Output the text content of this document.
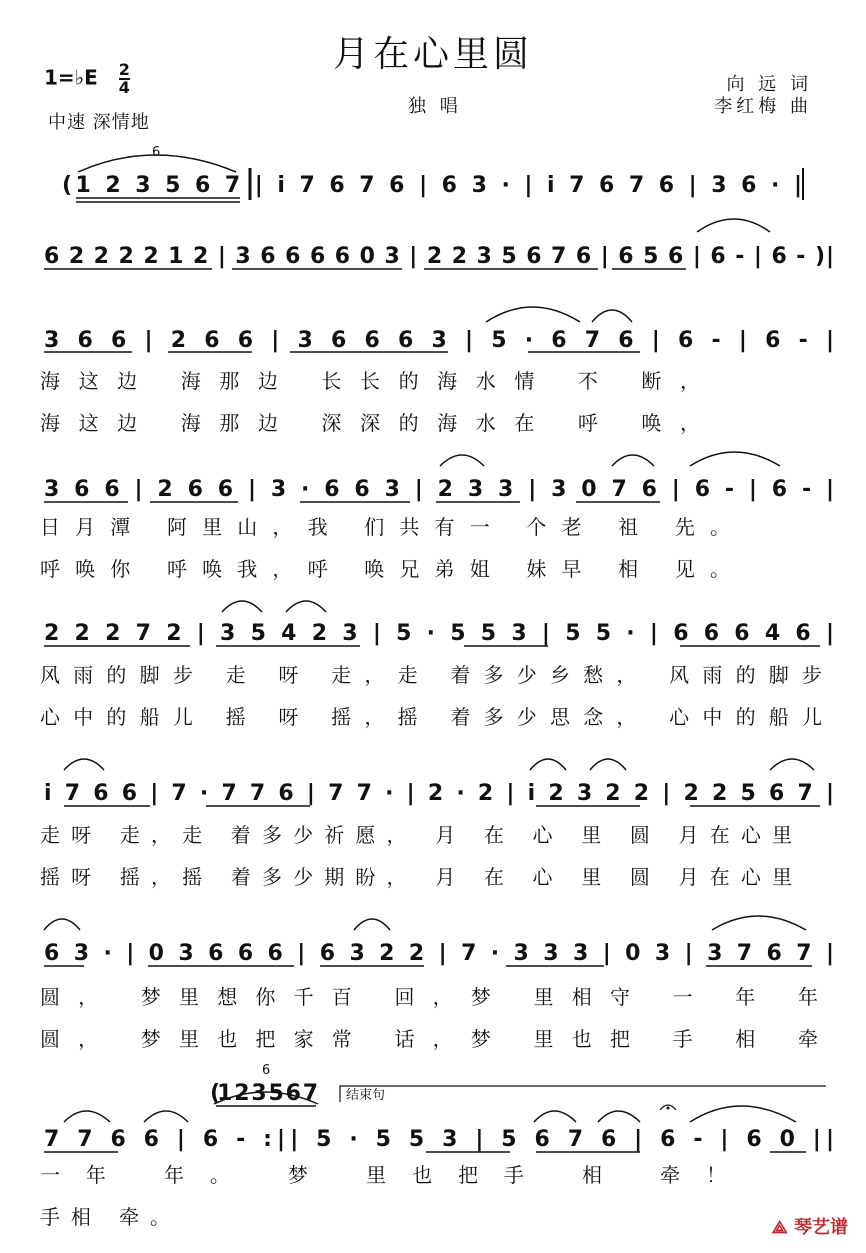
月在心里圆
1=♭E $\frac{2}{4}$
中速 深情地
独 唱
向 远 词
李红梅 曲
6
(1 2 3 5 6 7 | i 7 6 7 6 | 6 3 · | i 7 6 7 6 | 3 6 · |
6 2 2 2 2 1 2 | 3 6 6 6 6 0 3 | 2 2 3 5 6 7 6 | 6 5 6 | 6 - | 6 - )|
3 6 6 | 2 6 6 | 3 6 6 6 3 | 5 · 6 7 6 | 6 - | 6 - |
海这边 海那边 长长的海水情 不 断，
海这边 海那边 深深的海水在 呼 唤，
3 6 6 | 2 6 6 | 3 · 6 6 3 | 2 3 3 | 3 0 7 6 | 6 - | 6 - |
日月潭 阿里山，我 们共有一 个老 祖 先。
呼唤你 呼唤我，呼 唤兄弟姐 妹早 相 见。
2 2 2 7 2 | 3 5 4 2 3 | 5 · 5 5 3 | 5 5 · | 6 6 6 4 6 |
风雨的脚步 走 呀 走，走 着多少乡愁， 风雨的脚步
心中的船儿 摇 呀 摇，摇 着多少思念， 心中的船儿
i 7 6 6 | 7 · 7 7 6 | 7 7 · | 2 · 2 | i 2 3 2 2 | 2 2 5 6 7 |
走呀 走，走 着多少祈愿， 月 在 心 里 圆 月在心里
摇呀 摇，摇 着多少期盼， 月 在 心 里 圆 月在心里
6 3 · | 0 3 6 6 6 | 6 3 2 2 | 7 · 3 3 3 | 0 3 | 3 7 6 7 |
圆， 梦里想你千百 回，梦 里相守 一 年 年
圆， 梦里也把家常 话，梦 里也把 手 相 牵
6
(1 2 3 5 6 7 结束句
7 7 6 6 | 6 - :|| 5 · 5 5 3 | 5 6 7 6 | 6 - | 6 0 ||
一年 年。 梦 里也把手 相 牵！
手相 牵。	⟁ 琴艺谱
